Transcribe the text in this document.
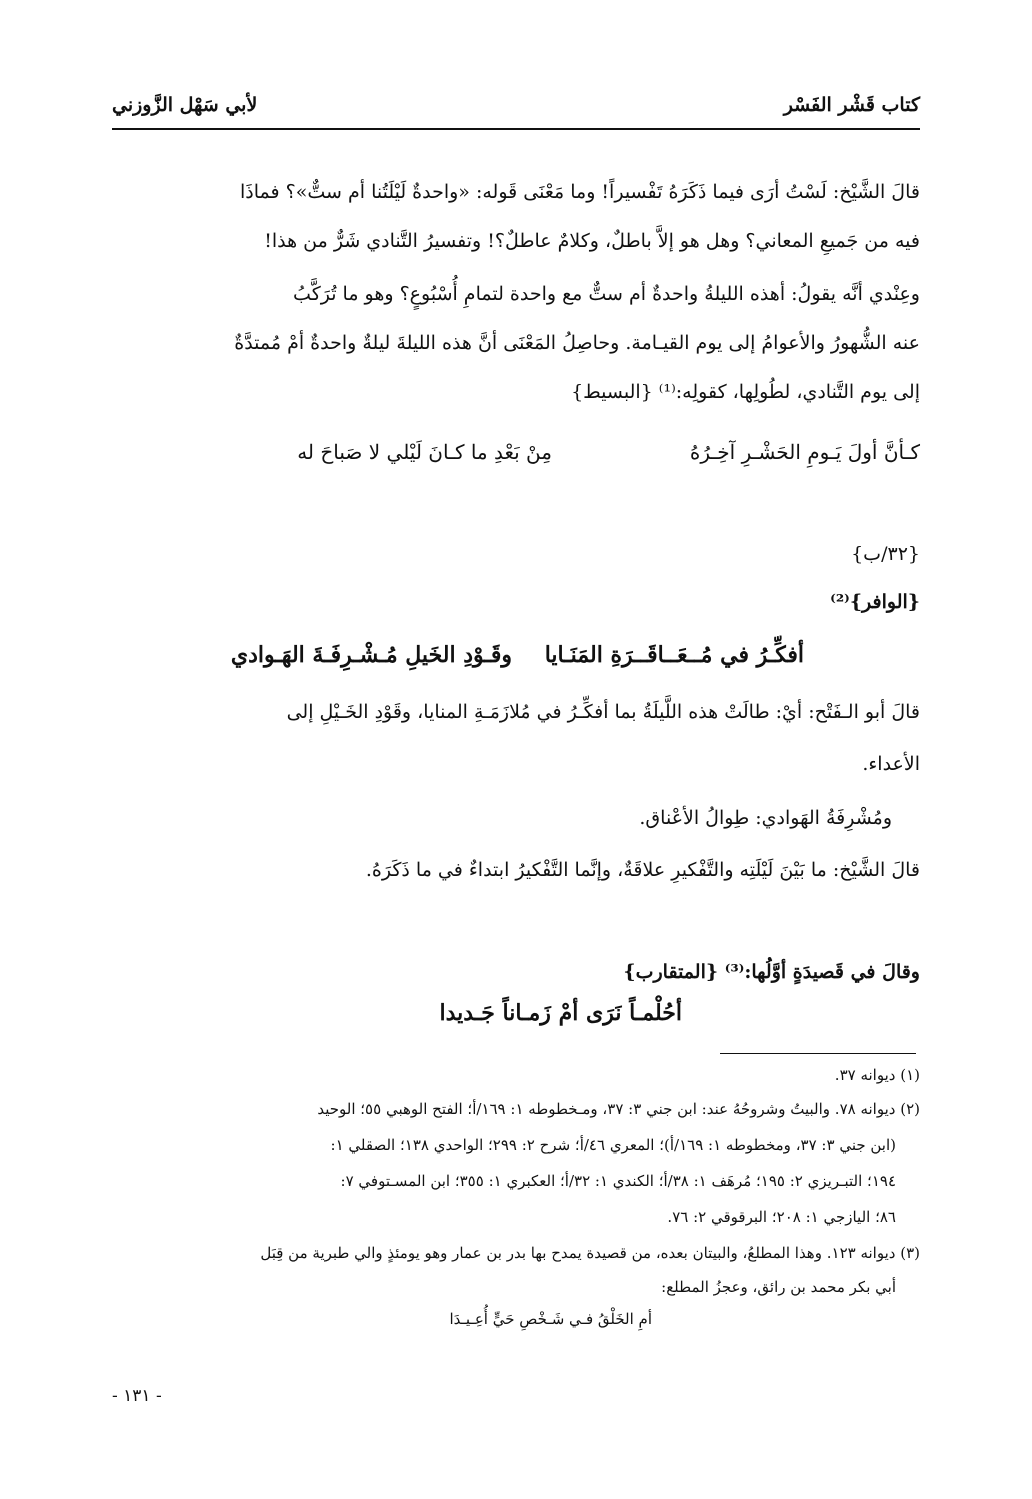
كتاب قَشْر الفَسْر
لأبي سَهْل الزَّوزني
قالَ الشَّيْخ: لَسْتُ أرَى فيما ذَكَرَهُ تَفْسيراً! وما مَعْنَى قَوله: «واحدةٌ لَيْلَتُنا أم ستٌّ»؟ فماذَا
فيه من جَميعِ المعاني؟ وهل هو إلاَّ باطلٌ، وكلامٌ عاطلٌ؟! وتفسيرُ التَّنادي شَرٌّ من هذا!
وعِنْدي أنَّه يقولُ: أهذه الليلةُ واحدةٌ أم ستٌّ مع واحدة لتمامِ أُسْبُوعٍ؟ وهو ما تُرَكَّبُ
عنه الشُّهورُ والأعوامُ إلى يوم القيـامة. وحاصِلُ المَعْنَى أنَّ هذه الليلةَ ليلةٌ واحدةٌ أمْ مُمتدَّةٌ
إلى يوم التَّنادي، لطُولِها، كقولِه:⁽¹⁾ {البسيط}
كـأنَّ أولَ يَـومِ الحَشْـرِ آخِـرُهُ
مِنْ بَعْدِ ما كـانَ لَيْلي لا صَباحَ له
{٣٢/ب}
{الوافر}⁽²⁾
أفكِّـرُ في مُــعَــاقَــرَةِ المَنَـايا
وقَـوْدِ الخَيلِ مُـشْـرِفَـةَ الهَـوادي
قالَ أبو الـفَتْح: أيْ: طالَتْ هذه اللَّيلَةُ بما أفكِّـرُ في مُلازَمَـةِ المنايا، وقَوْدِ الخَـيْلِ إلى
الأعداء.
ومُشْرِفَةُ الهَوادي: طِوالُ الأعْناق.
قالَ الشَّيْخ: ما بَيْنَ لَيْلَتِه والتَّفْكيرِ علاقَةٌ، وإنَّما التَّفْكيرُ ابتداءٌ في ما ذَكَرَهُ.
وقالَ في قَصيدَةٍ أوَّلُها:⁽³⁾ {المتقارب}
أحُلْمـاً نَرَى أمْ زَمـاناً جَـديدا
(١) ديوانه ٣٧.
(٢) ديوانه ٧٨. والبيتُ وشروحُهُ عند: ابن جني ٣: ٣٧، ومـخطوطه ١: ١٦٩/أ؛ الفتح الوهبي ٥٥؛ الوحيد
(ابن جني ٣: ٣٧، ومخطوطه ١: ١٦٩/أ)؛ المعري ٤٦/أ؛ شرح ٢: ٢٩٩؛ الواحدي ١٣٨؛ الصقلي ١:
١٩٤؛ التبـريزي ٢: ١٩٥؛ مُرهَف ١: ٣٨/أ؛ الكندي ١: ٣٢/أ؛ العكبري ١: ٣٥٥؛ ابن المسـتوفي ٧:
٨٦؛ اليازجي ١: ٢٠٨؛ البرقوقي ٢: ٧٦.
(٣) ديوانه ١٢٣. وهذا المطلعُ، والبيتان بعده، من قصيدة يمدح بها بدر بن عمار وهو يومئذٍ والي طبرية من قِبَل
أبي بكر محمد بن رائق، وعجزُ المطلع:
أمِ الخَلْقُ فـي شَـخْصِ حَيٍّ أُعِـيـدَا
- ١٣١ -
